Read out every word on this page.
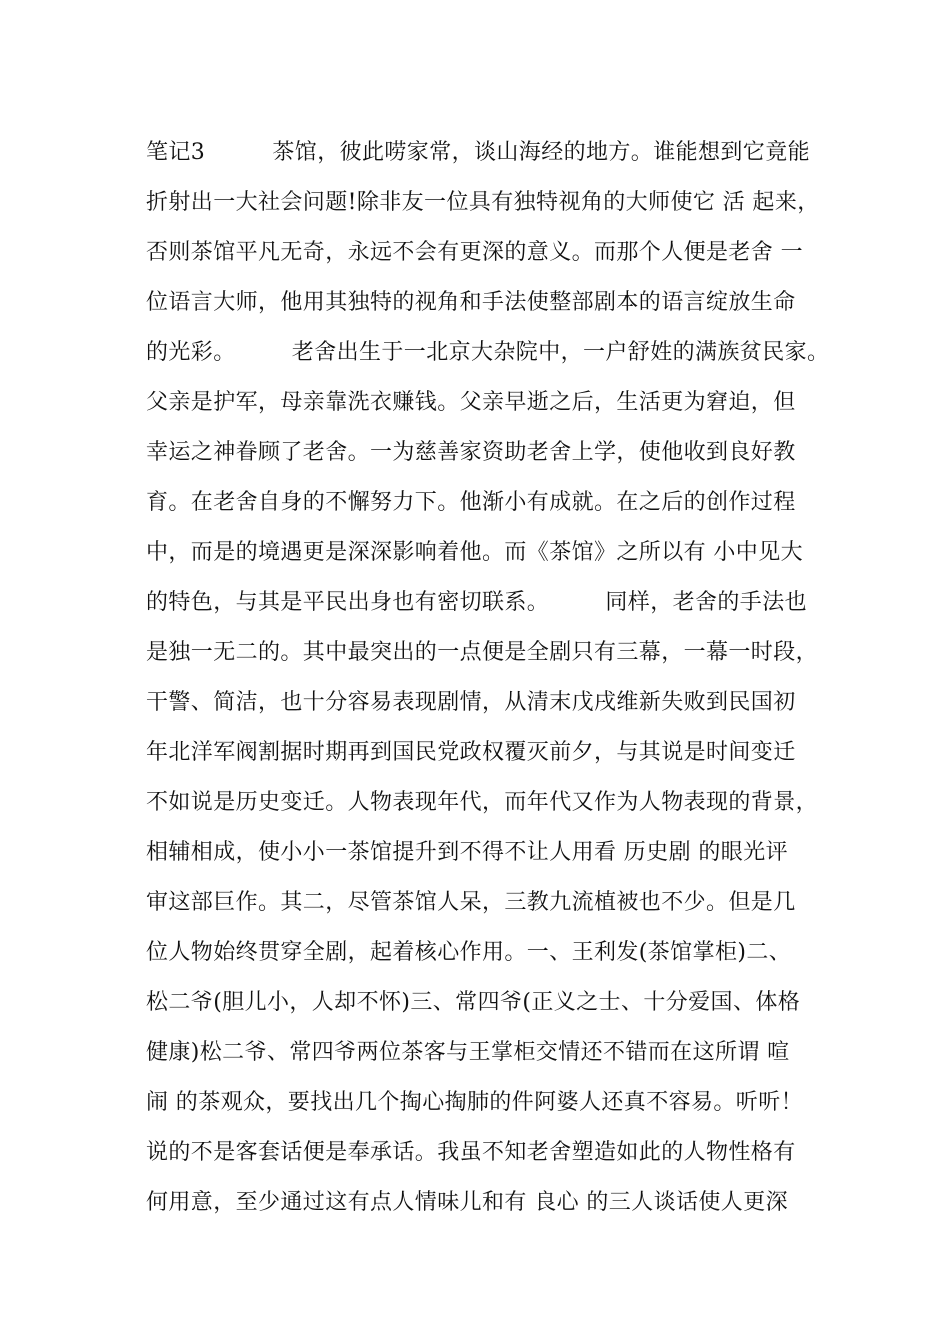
笔记3　　　茶馆，彼此唠家常，谈山海经的地方。谁能想到它竟能
折射出一大社会问题!除非友一位具有独特视角的大师使它 活 起来，
否则茶馆平凡无奇，永远不会有更深的意义。而那个人便是老舍 一
位语言大师，他用其独特的视角和手法使整部剧本的语言绽放生命
的光彩。　　　老舍出生于一北京大杂院中，一户舒姓的满族贫民家。
父亲是护军，母亲靠洗衣赚钱。父亲早逝之后，生活更为窘迫，但
幸运之神眷顾了老舍。一为慈善家资助老舍上学，使他收到良好教
育。在老舍自身的不懈努力下。他渐小有成就。在之后的创作过程
中，而是的境遇更是深深影响着他。而《茶馆》之所以有 小中见大
的特色，与其是平民出身也有密切联系。　　　同样，老舍的手法也
是独一无二的。其中最突出的一点便是全剧只有三幕，一幕一时段，
干警、简洁，也十分容易表现剧情，从清末戊戌维新失败到民国初
年北洋军阀割据时期再到国民党政权覆灭前夕，与其说是时间变迁
不如说是历史变迁。人物表现年代，而年代又作为人物表现的背景，
相辅相成，使小小一茶馆提升到不得不让人用看 历史剧 的眼光评
审这部巨作。其二，尽管茶馆人呆，三教九流植被也不少。但是几
位人物始终贯穿全剧，起着核心作用。一、王利发(茶馆掌柜)二、
松二爷(胆儿小，人却不怀)三、常四爷(正义之士、十分爱国、体格
健康)松二爷、常四爷两位茶客与王掌柜交情还不错而在这所谓 喧
闹 的茶观众，要找出几个掏心掏肺的件阿婆人还真不容易。听听！
说的不是客套话便是奉承话。我虽不知老舍塑造如此的人物性格有
何用意，至少通过这有点人情味儿和有 良心 的三人谈话使人更深
